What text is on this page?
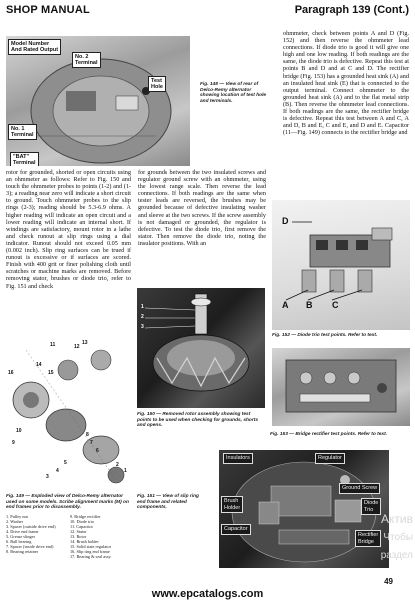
SHOP MANUAL	Paragraph 139 (Cont.)
Model Number
And Rated Output
No. 2
Terminal
Test
Hole
No. 1
Terminal
"BAT"
Terminal
Fig. 148 — View of rear of Delco-Remy alternator showing location of test hole and terminals.

ohmmeter, check between points A and D (Fig. 152) and then reverse the ohmmeter lead connections. If diode trio is good it will give one high and one low reading. If both readings are the same, the diode trio is defective. Repeat this test at points B and D and at C and D. The rectifier bridge (Fig. 153) has a grounded heat sink (A) and an insulated heat sink (E) that is connected to the output terminal. Connect ohmmeter to the grounded heat sink (A) and to the flat metal strip (B). Then reverse the ohmmeter lead connections. If both readings are the same, the rectifier bridge is defective. Repeat this test between A and C, A and D, B and E, C and E, and D and E. Capacitor (11—Fig. 149) connects to the rectifier bridge and

rotor for grounded, shorted or open circuits using an ohmmeter as follows: Refer to Fig. 150 and touch the ohmmeter probes to points (1-2) and (1-3); a reading near zero will indicate a short circuit to ground. Touch ohmmeter probes to the slip rings (2-3); reading should be 5.3-6.9 ohms. A higher reading will indicate an open circuit and a lower reading will indicate an internal short. If windings are satisfactory, mount rotor in a lathe and check runout at slip rings using a dial indicator. Runout should not exceed 0.05 mm (0.002 inch). Slip ring surfaces can be trued if runout is excessive or if surfaces are scored. Finish with 400 grit or finer polishing cloth until scratches or machine marks are removed. Before removing stator, brushes or diode trio, refer to Fig. 151 and check

for grounds between the two insulated screws and regulator ground screw with an ohmmeter, using the lowest range scale. Then reverse the lead connections. If both readings are the same when tester leads are reversed, the brushes may be grounded because of defective insulating washer and sleeve at the two screws. If the screw assembly is not damaged or grounded, the regulator is defective. To test the diode trio, first remove the stator. Then remove the diode trio, noting the insulator positions. With an

D
A B C
Fig. 152 — Diode trio test points. Refer to text.
Fig. 153 — Bridge rectifier test points. Refer to text.
16
11	12
13
14
15
10
9
8
7
6
5
4
3
2
1
Fig. 149 — Exploded view of Delco-Remy alternator used on some models. Scribe alignment marks (M) on end frames prior to disassembly.
1. Pulley nut
2. Washer
3. Spacer (outside drive end)
4. Drive end frame
5. Grease slinger
6. Ball bearing
7. Spacer (inside drive end)
8. Bearing retainer
9. Bridge rectifier
10. Diode trio
11. Capacitor
12. Stator
13. Rotor
14. Brush holder
15. Solid state regulator
16. Slip ring end frame
17. Bearing & seal assy.
1
2
3
Fig. 150 — Removed rotor assembly showing test points to be used when checking for grounds, shorts and opens.
Fig. 151 — View of slip ring end frame and related components.
Insulators	Regulator
Ground Screw
Brush
Holder
Diode
Trio
Capacitor
Rectifier
Bridge
Актив
Чтобы
раздел
49
www.epcatalogs.com
